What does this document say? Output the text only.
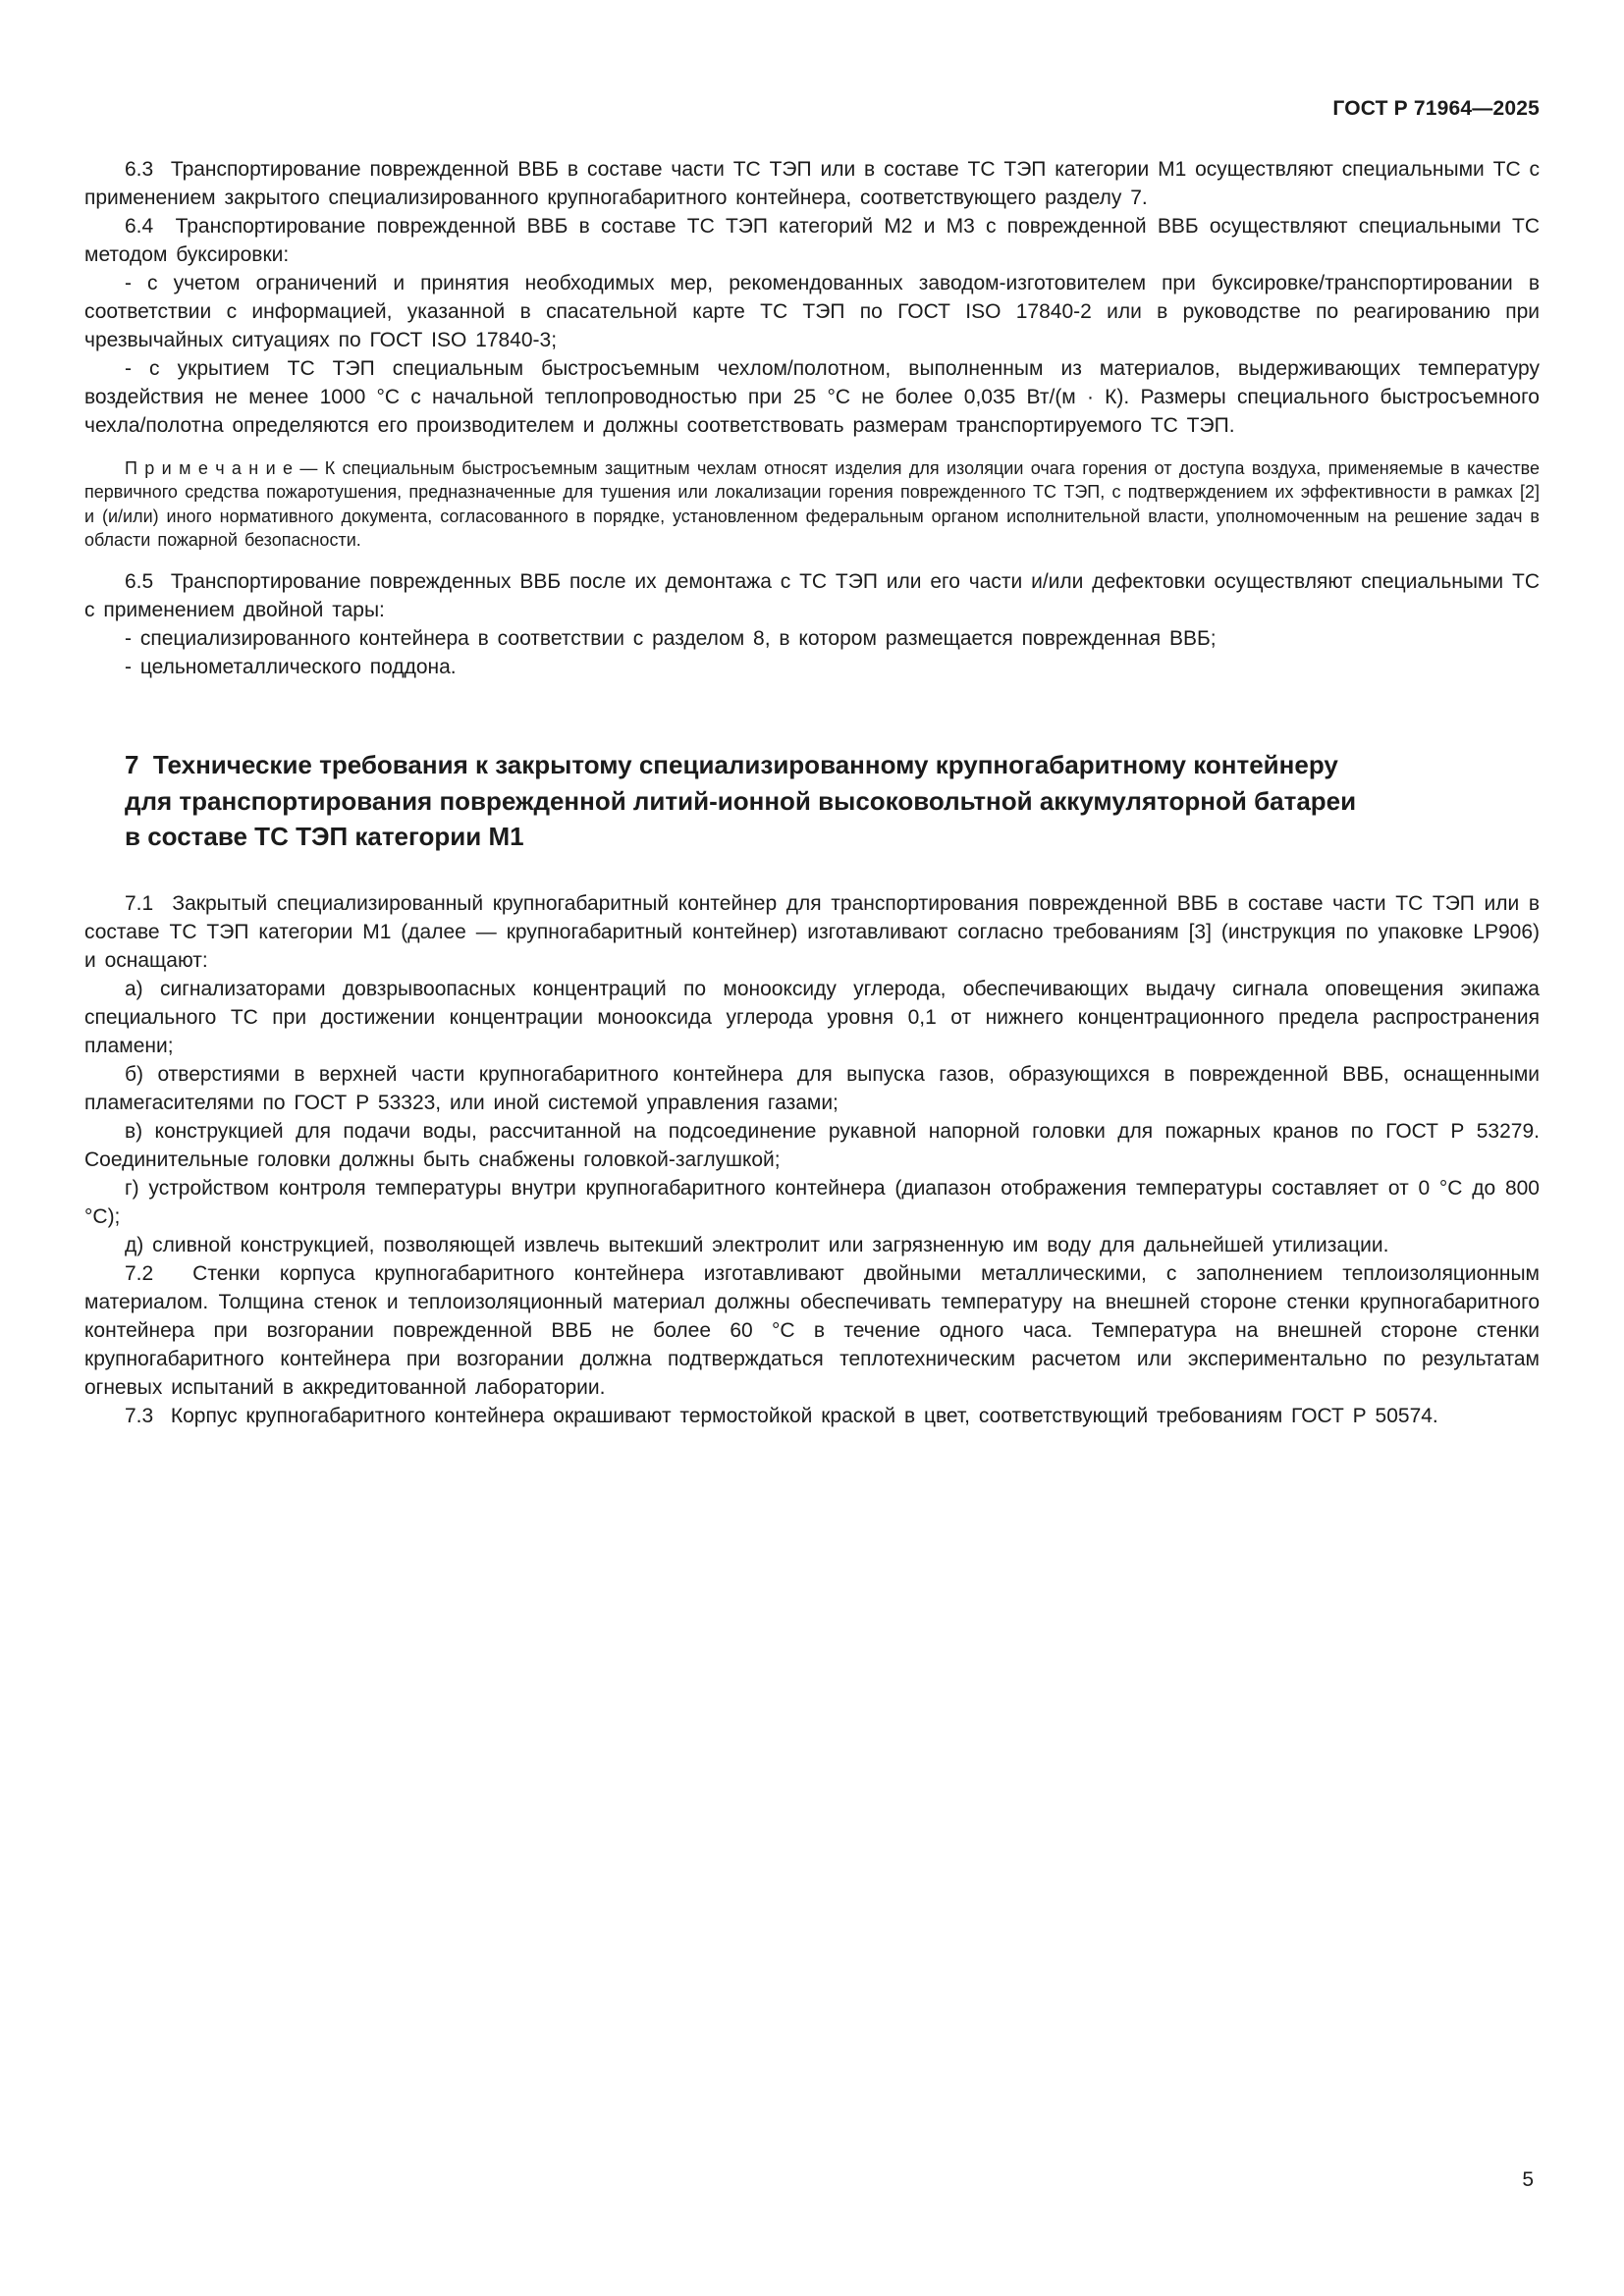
ГОСТ Р 71964—2025

6.3  Транспортирование поврежденной ВВБ в составе части ТС ТЭП или в составе ТС ТЭП категории М1 осуществляют специальными ТС с применением закрытого специализированного крупногабаритного контейнера, соответствующего разделу 7.

6.4  Транспортирование поврежденной ВВБ в составе ТС ТЭП категорий М2 и М3 с поврежденной ВВБ осуществляют специальными ТС методом буксировки:

- с учетом ограничений и принятия необходимых мер, рекомендованных заводом-изготовителем при буксировке/транспортировании в соответствии с информацией, указанной в спасательной карте ТС ТЭП по ГОСТ ISO 17840-2 или в руководстве по реагированию при чрезвычайных ситуациях по ГОСТ ISO 17840-3;

- с укрытием ТС ТЭП специальным быстросъемным чехлом/полотном, выполненным из материалов, выдерживающих температуру воздействия не менее 1000 °С с начальной теплопроводностью при 25 °С не более 0,035 Вт/(м · К). Размеры специального быстросъемного чехла/полотна определяются его производителем и должны соответствовать размерам транспортируемого ТС ТЭП.

П р и м е ч а н и е — К специальным быстросъемным защитным чехлам относят изделия для изоляции очага горения от доступа воздуха, применяемые в качестве первичного средства пожаротушения, предназначенные для тушения или локализации горения поврежденного ТС ТЭП, с подтверждением их эффективности в рамках [2] и (и/или) иного нормативного документа, согласованного в порядке, установленном федеральным органом исполнительной власти, уполномоченным на решение задач в области пожарной безопасности.

6.5  Транспортирование поврежденных ВВБ после их демонтажа с ТС ТЭП или его части и/или дефектовки осуществляют специальными ТС с применением двойной тары:

- специализированного контейнера в соответствии с разделом 8, в котором размещается поврежденная ВВБ;

- цельнометаллического поддона.

7  Технические требования к закрытому специализированному крупногабаритному контейнеру для транспортирования поврежденной литий-ионной высоковольтной аккумуляторной батареи в составе ТС ТЭП категории М1

7.1  Закрытый специализированный крупногабаритный контейнер для транспортирования поврежденной ВВБ в составе части ТС ТЭП или в составе ТС ТЭП категории М1 (далее — крупногабаритный контейнер) изготавливают согласно требованиям [3] (инструкция по упаковке LP906) и оснащают:

а) сигнализаторами довзрывоопасных концентраций по монооксиду углерода, обеспечивающих выдачу сигнала оповещения экипажа специального ТС при достижении концентрации монооксида углерода уровня 0,1 от нижнего концентрационного предела распространения пламени;

б) отверстиями в верхней части крупногабаритного контейнера для выпуска газов, образующихся в поврежденной ВВБ, оснащенными пламегасителями по ГОСТ Р 53323, или иной системой управления газами;

в) конструкцией для подачи воды, рассчитанной на подсоединение рукавной напорной головки для пожарных кранов по ГОСТ Р 53279. Соединительные головки должны быть снабжены головкой-заглушкой;

г) устройством контроля температуры внутри крупногабаритного контейнера (диапазон отображения температуры составляет от 0 °С до 800 °С);

д) сливной конструкцией, позволяющей извлечь вытекший электролит или загрязненную им воду для дальнейшей утилизации.

7.2  Стенки корпуса крупногабаритного контейнера изготавливают двойными металлическими, с заполнением теплоизоляционным материалом. Толщина стенок и теплоизоляционный материал должны обеспечивать температуру на внешней стороне стенки крупногабаритного контейнера при возгорании поврежденной ВВБ не более 60 °С в течение одного часа. Температура на внешней стороне стенки крупногабаритного контейнера при возгорании должна подтверждаться теплотехническим расчетом или экспериментально по результатам огневых испытаний в аккредитованной лаборатории.

7.3  Корпус крупногабаритного контейнера окрашивают термостойкой краской в цвет, соответствующий требованиям ГОСТ Р 50574.

5
